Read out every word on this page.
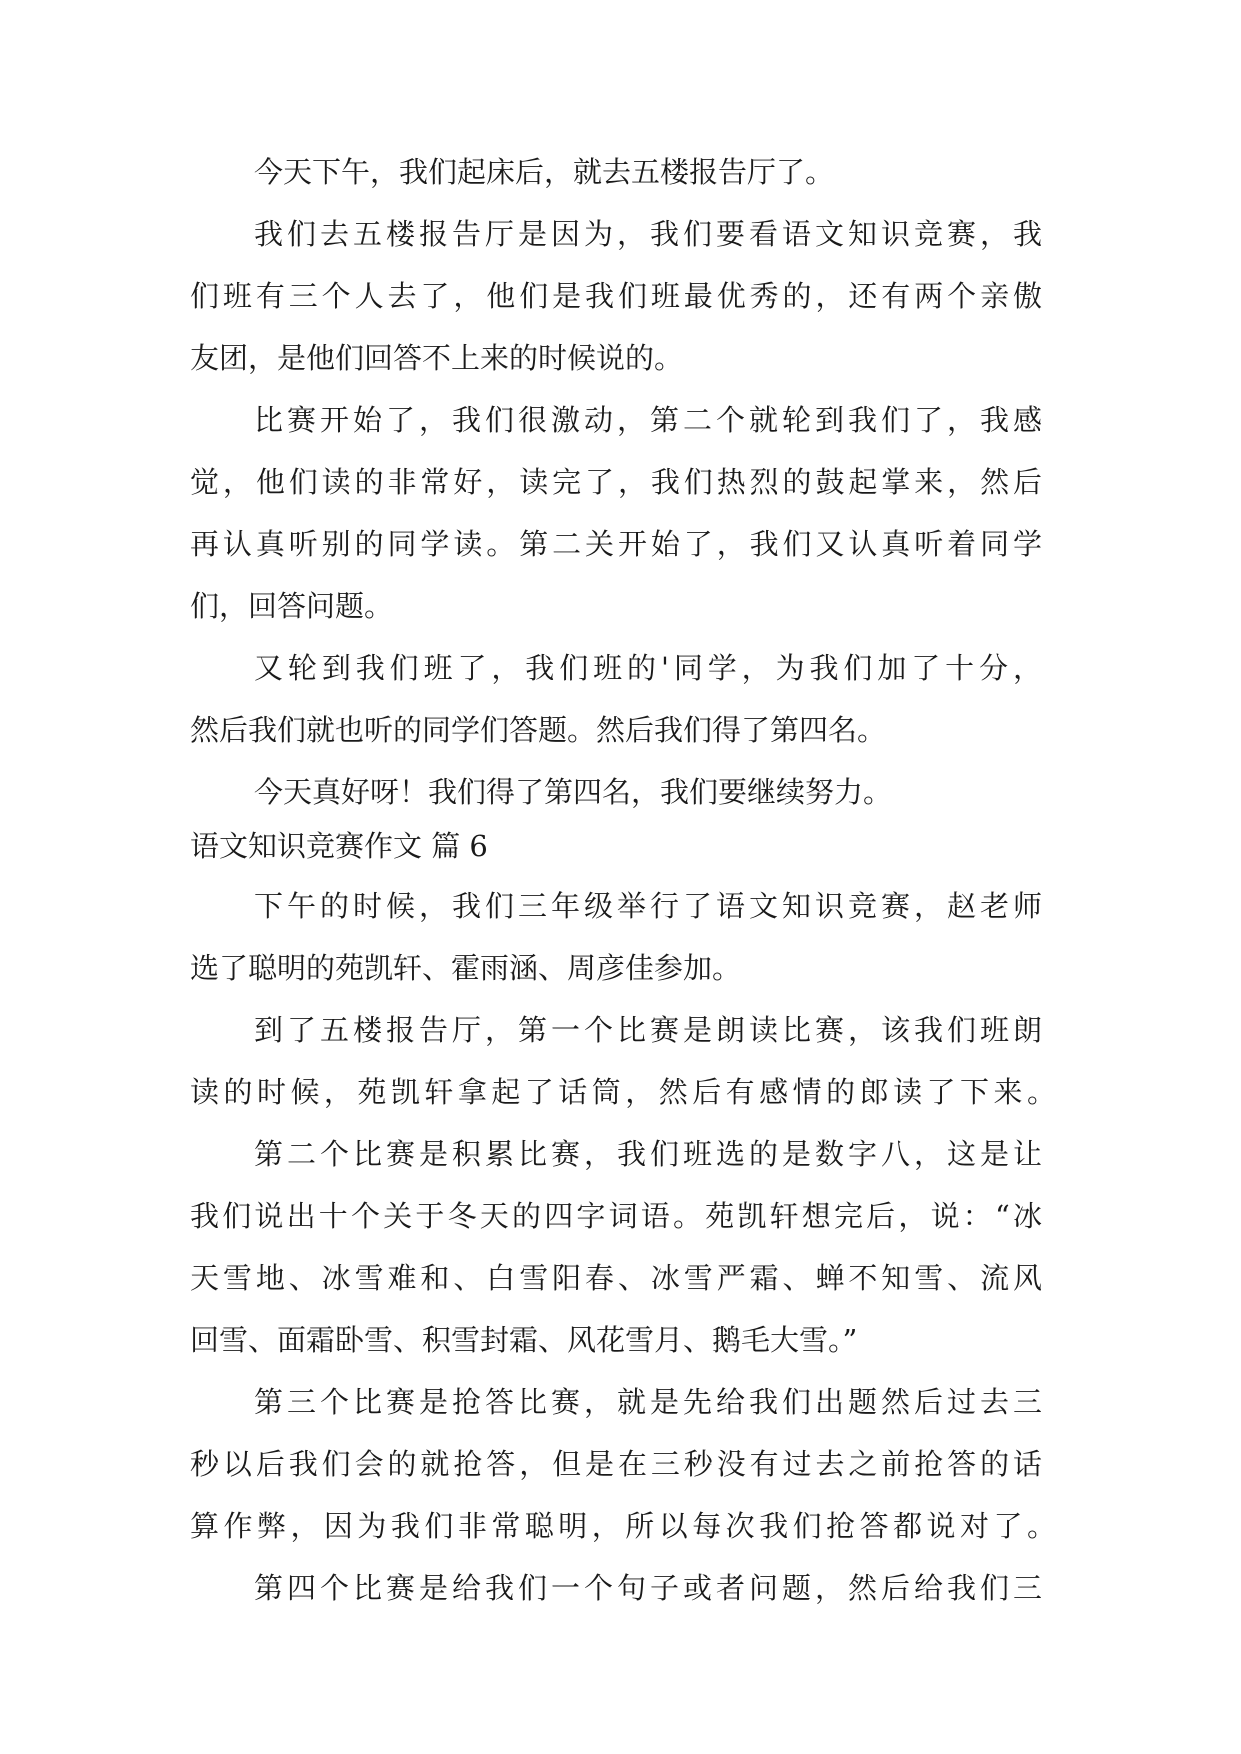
今天下午，我们起床后，就去五楼报告厅了。
我们去五楼报告厅是因为，我们要看语文知识竞赛，我
们班有三个人去了，他们是我们班最优秀的，还有两个亲傲
友团，是他们回答不上来的时候说的。
比赛开始了，我们很激动，第二个就轮到我们了，我感
觉，他们读的非常好，读完了，我们热烈的鼓起掌来，然后
再认真听别的同学读。第二关开始了，我们又认真听着同学
们，回答问题。
又轮到我们班了，我们班的'同学，为我们加了十分，
然后我们就也听的同学们答题。然后我们得了第四名。
今天真好呀！我们得了第四名，我们要继续努力。
语文知识竞赛作文 篇 6
下午的时候，我们三年级举行了语文知识竞赛，赵老师
选了聪明的苑凯轩、霍雨涵、周彦佳参加。
到了五楼报告厅，第一个比赛是朗读比赛，该我们班朗
读的时候，苑凯轩拿起了话筒，然后有感情的郎读了下来。
第二个比赛是积累比赛，我们班选的是数字八，这是让
我们说出十个关于冬天的四字词语。苑凯轩想完后，说：“冰
天雪地、冰雪难和、白雪阳春、冰雪严霜、蝉不知雪、流风
回雪、面霜卧雪、积雪封霜、风花雪月、鹅毛大雪。”
第三个比赛是抢答比赛，就是先给我们出题然后过去三
秒以后我们会的就抢答，但是在三秒没有过去之前抢答的话
算作弊，因为我们非常聪明，所以每次我们抢答都说对了。
第四个比赛是给我们一个句子或者问题，然后给我们三
